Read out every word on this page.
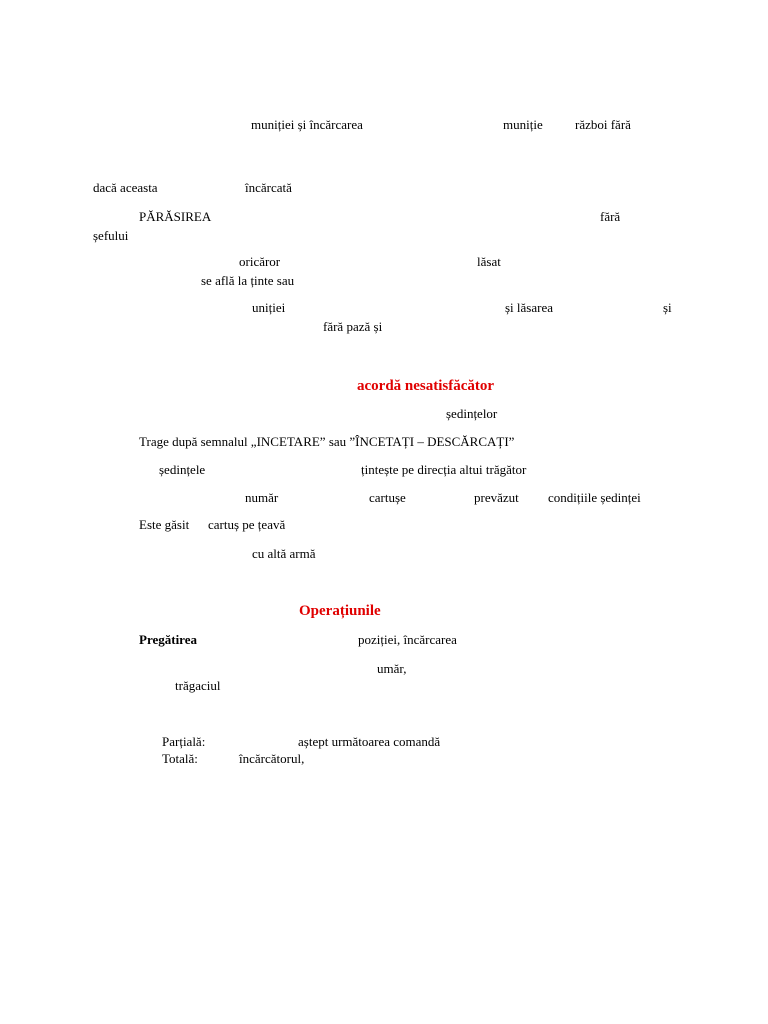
muniției și încărcarea	muniție război fără
dacă aceasta	încărcată
PĂRĂSIREA	fără
șefului
oricăror	lăsat
se află la ținte sau
uniției	și lăsarea	și
fără pază și
acordă nesatisfăcător
ședințelor
Trage după semnalul „INCETARE” sau ”ÎNCETAȚI – DESCĂRCAȚI”
ședințele	țintește pe direcția altui trăgător
număr	cartușe	prevăzut condițiile ședinței
Este găsit cartuș pe țeavă
cu altă armă
Operațiunile
Pregătirea	poziției, încărcarea
umăr,
trăgaciul
Parțială:	aștept următoarea comandă
Totală:	încărcătorul,
